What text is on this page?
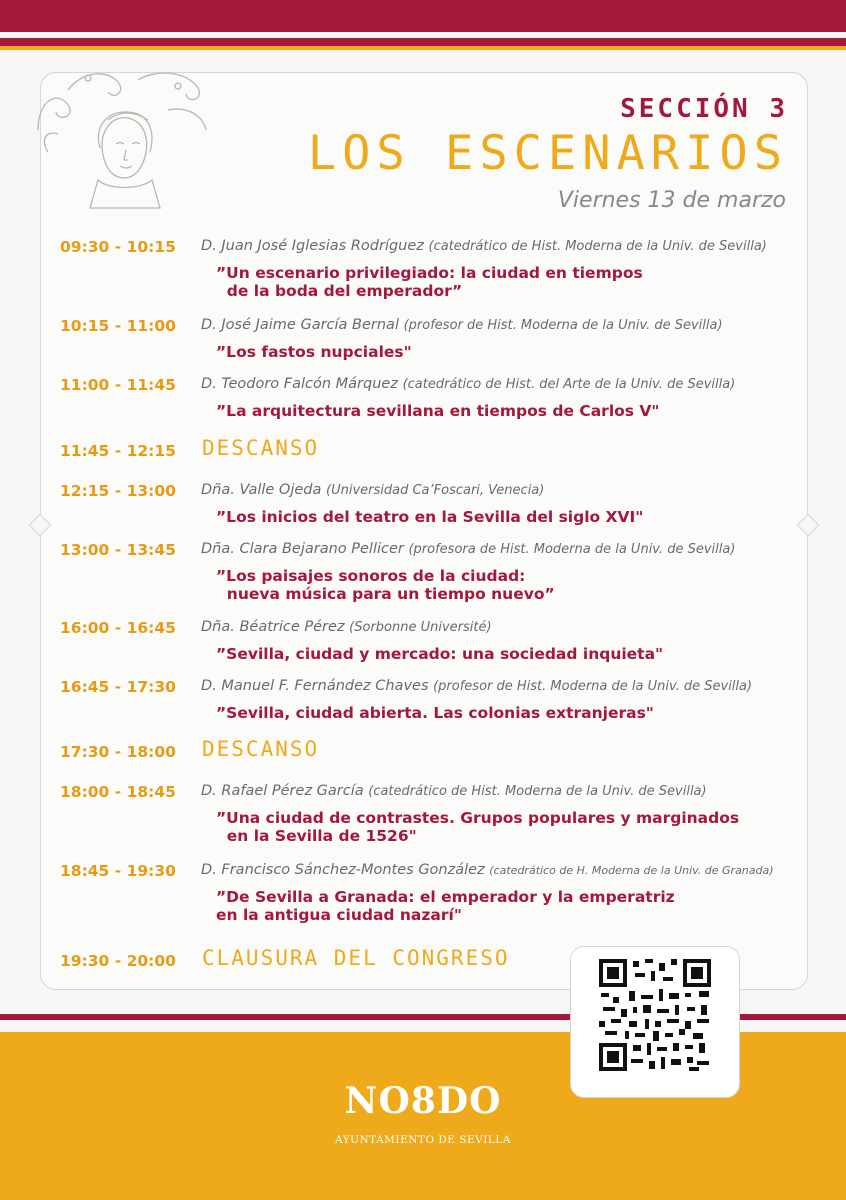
SECCIÓN 3
LOS ESCENARIOS
Viernes 13 de marzo
09:30 - 10:15	D. Juan José Iglesias Rodríguez (catedrático de Hist. Moderna de la Univ. de Sevilla)
”Un escenario privilegiado: la ciudad en tiempos
de la boda del emperador”
10:15 - 11:00	D. José Jaime García Bernal (profesor de Hist. Moderna de la Univ. de Sevilla)
”Los fastos nupciales"
11:00 - 11:45	D. Teodoro Falcón Márquez (catedrático de Hist. del Arte de la Univ. de Sevilla)
”La arquitectura sevillana en tiempos de Carlos V"
11:45 - 12:15	DESCANSO
12:15 - 13:00	Dña. Valle Ojeda (Universidad Ca’Foscari, Venecia)
”Los inicios del teatro en la Sevilla del siglo XVI"
13:00 - 13:45	Dña. Clara Bejarano Pellicer (profesora de Hist. Moderna de la Univ. de Sevilla)
”Los paisajes sonoros de la ciudad:
nueva música para un tiempo nuevo”
16:00 - 16:45	Dña. Béatrice Pérez (Sorbonne Université)
”Sevilla, ciudad y mercado: una sociedad inquieta"
16:45 - 17:30	D. Manuel F. Fernández Chaves (profesor de Hist. Moderna de la Univ. de Sevilla)
”Sevilla, ciudad abierta. Las colonias extranjeras"
17:30 - 18:00	DESCANSO
18:00 - 18:45	D. Rafael Pérez García (catedrático de Hist. Moderna de la Univ. de Sevilla)
”Una ciudad de contrastes. Grupos populares y marginados
en la Sevilla de 1526"
18:45 - 19:30	D. Francisco Sánchez-Montes González (catedrático de H. Moderna de la Univ. de Granada)
”De Sevilla a Granada: el emperador y la emperatriz
en la antigua ciudad nazarí"
19:30 - 20:00	CLAUSURA DEL CONGRESO
NO8DO
AYUNTAMIENTO DE SEVILLA
